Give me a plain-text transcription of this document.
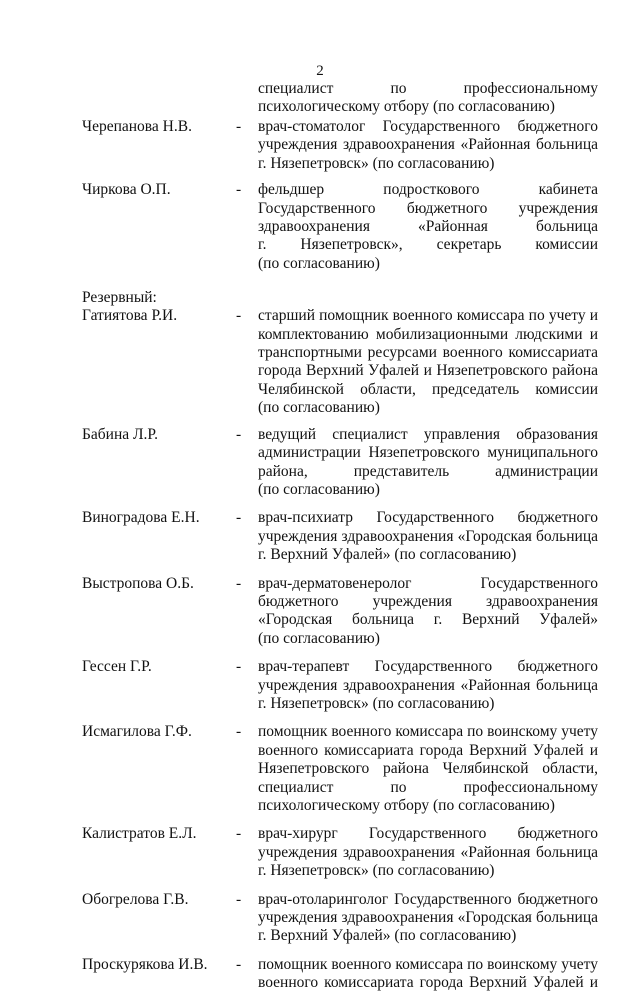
2
специалист по профессиональному
психологическому отбору (по согласованию)
Черепанова Н.В.	- врач-стоматолог Государственного бюджетного
учреждения здравоохранения «Районная больница
г. Нязепетровск» (по согласованию)
Чиркова О.П.	- фельдшер подросткового кабинета
Государственного бюджетного учреждения
здравоохранения «Районная больница
г. Нязепетровск», секретарь комиссии
(по согласованию)
Резервный:
Гатиятова Р.И.	- старший помощник военного комиссара по учету и
комплектованию мобилизационными людскими и
транспортными ресурсами военного комиссариата
города Верхний Уфалей и Нязепетровского района
Челябинской области, председатель комиссии
(по согласованию)
Бабина Л.Р.	- ведущий специалист управления образования
администрации Нязепетровского муниципального
района, представитель администрации
(по согласованию)
Виноградова Е.Н. - врач-психиатр Государственного бюджетного
учреждения здравоохранения «Городская больница
г. Верхний Уфалей» (по согласованию)
Выстропова О.Б.	- врач-дерматовенеролог Государственного
бюджетного учреждения здравоохранения
«Городская больница г. Верхний Уфалей»
(по согласованию)
Гессен Г.Р.	- врач-терапевт Государственного бюджетного
учреждения здравоохранения «Районная больница
г. Нязепетровск» (по согласованию)
Исмагилова Г.Ф.	- помощник военного комиссара по воинскому учету
военного комиссариата города Верхний Уфалей и
Нязепетровского района Челябинской области,
специалист по профессиональному
психологическому отбору (по согласованию)
Калистратов Е.Л.	- врач-хирург Государственного бюджетного
учреждения здравоохранения «Районная больница
г. Нязепетровск» (по согласованию)
Обогрелова Г.В.	- врач-отоларинголог Государственного бюджетного
учреждения здравоохранения «Городская больница
г. Верхний Уфалей» (по согласованию)
Проскурякова И.В. - помощник военного комиссара по воинскому учету
военного комиссариата города Верхний Уфалей и
